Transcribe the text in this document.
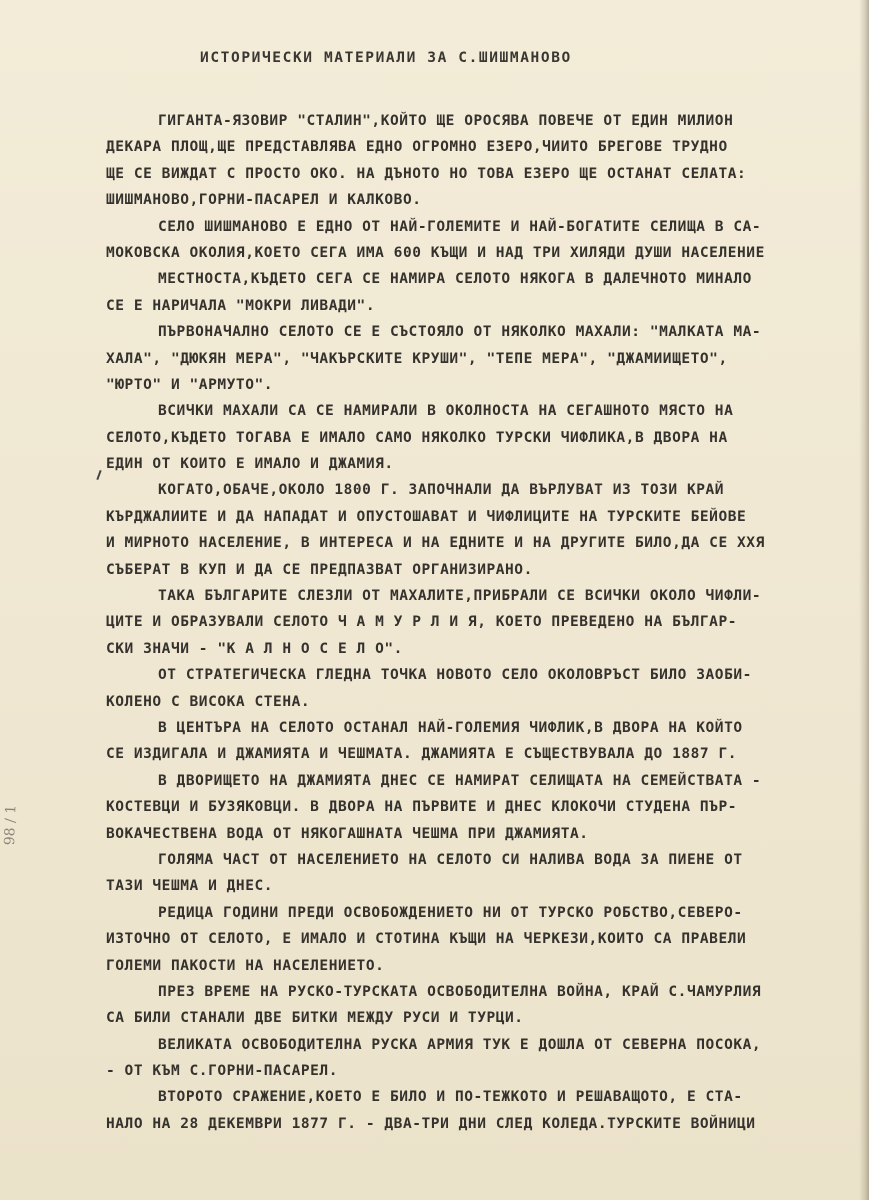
ИСТОРИЧЕСКИ МАТЕРИАЛИ ЗА С.ШИШМАНОВО
98 / 1
ГИГАНТА-ЯЗОВИР "СТАЛИН",КОЙТО ЩЕ ОРОСЯВА ПОВЕЧЕ ОТ ЕДИН МИЛИОН
ДЕКАРА ПЛОЩ,ЩЕ ПРЕДСТАВЛЯВА ЕДНО ОГРОМНО ЕЗЕРО,ЧИИТО БРЕГОВЕ ТРУДНО
ЩЕ СЕ ВИЖДАТ С ПРОСТО ОКО. НА ДЪНОТО НО ТОВА ЕЗЕРО ЩЕ ОСТАНАТ СЕЛАТА:
ШИШМАНОВО,ГОРНИ-ПАСАРЕЛ И КАЛКОВО.
СЕЛО ШИШМАНОВО Е ЕДНО ОТ НАЙ-ГОЛЕМИТЕ И НАЙ-БОГАТИТЕ СЕЛИЩА В СА-
МОКОВСКА ОКОЛИЯ,КОЕТО СЕГА ИМА 600 КЪЩИ И НАД ТРИ ХИЛЯДИ ДУШИ НАСЕЛЕНИЕ
МЕСТНОСТА,КЪДЕТО СЕГА СЕ НАМИРА СЕЛОТО НЯКОГА В ДАЛЕЧНОТО МИНАЛО
СЕ Е НАРИЧАЛА "МОКРИ ЛИВАДИ".
ПЪРВОНАЧАЛНО СЕЛОТО СЕ Е СЪСТОЯЛО ОТ НЯКОЛКО МАХАЛИ: "МАЛКАТА МА-
ХАЛА", "ДЮКЯН МЕРА", "ЧАКЪРСКИТЕ КРУШИ", "ТЕПЕ МЕРА", "ДЖАМИИЩЕТО",
"ЮРТО" И "АРМУТО".
ВСИЧКИ МАХАЛИ СА СЕ НАМИРАЛИ В ОКОЛНОСТА НА СЕГАШНОТО МЯСТО НА
СЕЛОТО,КЪДЕТО ТОГАВА Е ИМАЛО САМО НЯКОЛКО ТУРСКИ ЧИФЛИКА,В ДВОРА НА
ЕДИН ОТ КОИТО Е ИМАЛО И ДЖАМИЯ.
КОГАТО,ОБАЧЕ,ОКОЛО 1800 Г. ЗАПОЧНАЛИ ДА ВЪРЛУВАТ ИЗ ТОЗИ КРАЙ
КЪРДЖАЛИИТЕ И ДА НАПАДАТ И ОПУСТОШАВАТ И ЧИФЛИЦИТЕ НА ТУРСКИТЕ БЕЙОВЕ
И МИРНОТО НАСЕЛЕНИЕ, В ИНТЕРЕСА И НА ЕДНИТЕ И НА ДРУГИТЕ БИЛО,ДА СЕ ХХЯ
СЪБЕРАТ В КУП И ДА СЕ ПРЕДПАЗВАТ ОРГАНИЗИРАНО.
ТАКА БЪЛГАРИТЕ СЛЕЗЛИ ОТ МАХАЛИТЕ,ПРИБРАЛИ СЕ ВСИЧКИ ОКОЛО ЧИФЛИ-
ЦИТЕ И ОБРАЗУВАЛИ СЕЛОТО Ч А М У Р Л И Я, КОЕТО ПРЕВЕДЕНО НА БЪЛГАР-
СКИ ЗНАЧИ - "К А Л Н О С Е Л О".
ОТ СТРАТЕГИЧЕСКА ГЛЕДНА ТОЧКА НОВОТО СЕЛО ОКОЛОВРЪСТ БИЛО ЗАОБИ-
КОЛЕНО С ВИСОКА СТЕНА.
В ЦЕНТЪРА НА СЕЛОТО ОСТАНАЛ НАЙ-ГОЛЕМИЯ ЧИФЛИК,В ДВОРА НА КОЙТО
СЕ ИЗДИГАЛА И ДЖАМИЯТА И ЧЕШМАТА. ДЖАМИЯТА Е СЪЩЕСТВУВАЛА ДО 1887 Г.
В ДВОРИЩЕТО НА ДЖАМИЯТА ДНЕС СЕ НАМИРАТ СЕЛИЩАТА НА СЕМЕЙСТВАТА -
КОСТЕВЦИ И БУЗЯКОВЦИ. В ДВОРА НА ПЪРВИТЕ И ДНЕС КЛОКОЧИ СТУДЕНА ПЪР-
ВОКАЧЕСТВЕНА ВОДА ОТ НЯКОГАШНАТА ЧЕШМА ПРИ ДЖАМИЯТА.
ГОЛЯМА ЧАСТ ОТ НАСЕЛЕНИЕТО НА СЕЛОТО СИ НАЛИВА ВОДА ЗА ПИЕНЕ ОТ
ТАЗИ ЧЕШМА И ДНЕС.
РЕДИЦА ГОДИНИ ПРЕДИ ОСВОБОЖДЕНИЕТО НИ ОТ ТУРСКО РОБСТВО,СЕВЕРО-
ИЗТОЧНО ОТ СЕЛОТО, Е ИМАЛО И СТОТИНА КЪЩИ НА ЧЕРКЕЗИ,КОИТО СА ПРАВЕЛИ
ГОЛЕМИ ПАКОСТИ НА НАСЕЛЕНИЕТО.
ПРЕЗ ВРЕМЕ НА РУСКО-ТУРСКАТА ОСВОБОДИТЕЛНА ВОЙНА, КРАЙ С.ЧАМУРЛИЯ
СА БИЛИ СТАНАЛИ ДВЕ БИТКИ МЕЖДУ РУСИ И ТУРЦИ.
ВЕЛИКАТА ОСВОБОДИТЕЛНА РУСКА АРМИЯ ТУК Е ДОШЛА ОТ СЕВЕРНА ПОСОКА,
- ОТ КЪМ С.ГОРНИ-ПАСАРЕЛ.
ВТОРОТО СРАЖЕНИЕ,КОЕТО Е БИЛО И ПО-ТЕЖКОТО И РЕШАВАЩОТО, Е СТА-
НАЛО НА 28 ДЕКЕМВРИ 1877 Г. - ДВА-ТРИ ДНИ СЛЕД КОЛЕДА.ТУРСКИТЕ ВОЙНИЦИ
